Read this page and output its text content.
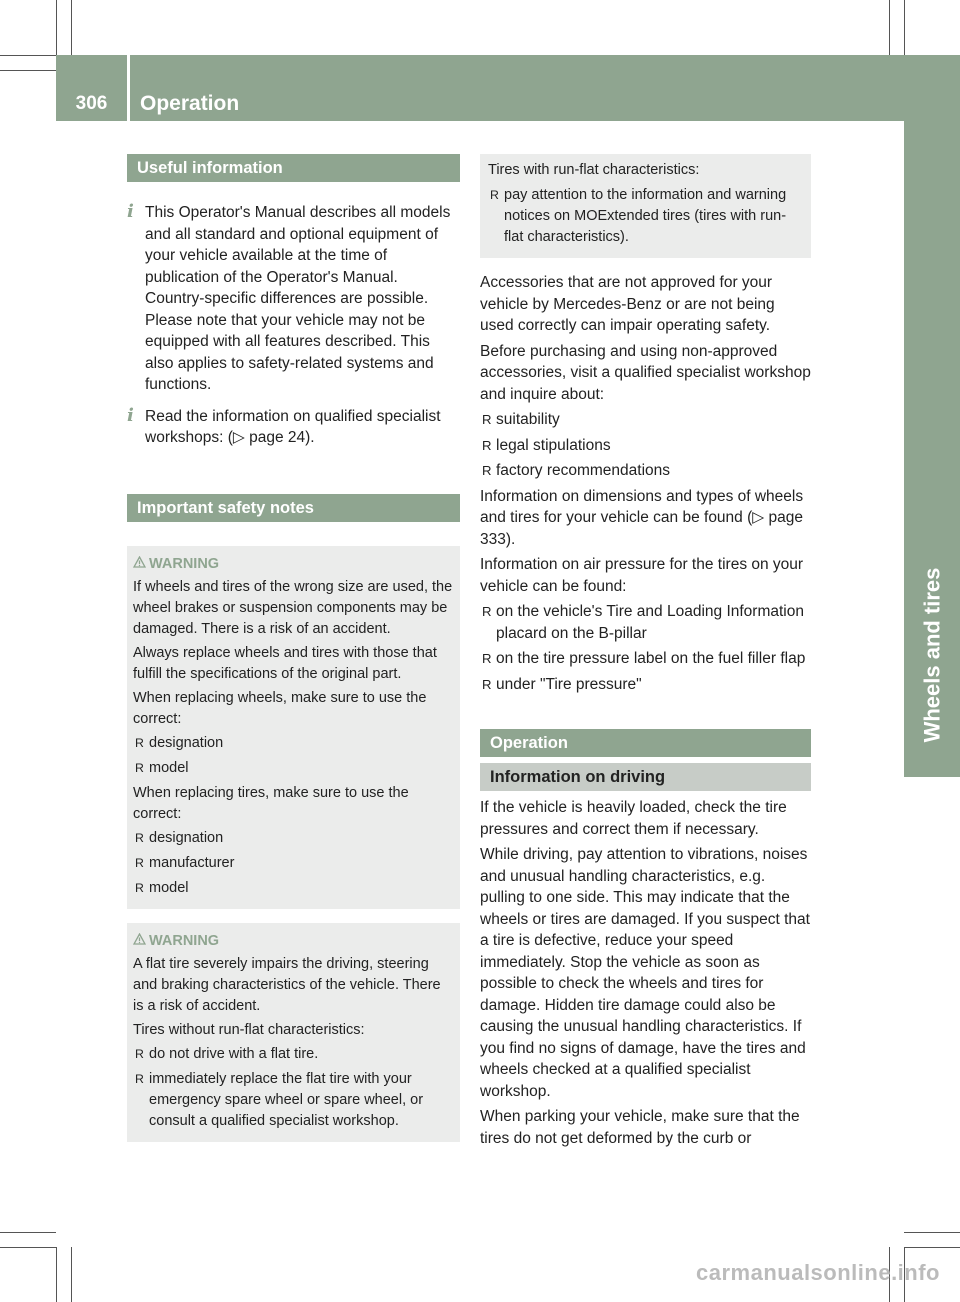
306	Operation
Wheels and tires
Useful information
i This Operator's Manual describes all models and all standard and optional equipment of your vehicle available at the time of publication of the Operator's Manual. Country-specific differences are possible. Please note that your vehicle may not be equipped with all features described. This also applies to safety-related systems and functions.
i Read the information on qualified specialist workshops: (▷ page 24).
Important safety notes
WARNING

If wheels and tires of the wrong size are used, the wheel brakes or suspension components may be damaged. There is a risk of an accident.

Always replace wheels and tires with those that fulfill the specifications of the original part.

When replacing wheels, make sure to use the correct:

R designation
R model

When replacing tires, make sure to use the correct:

R designation
R manufacturer
R model
WARNING

A flat tire severely impairs the driving, steering and braking characteristics of the vehicle. There is a risk of accident.

Tires without run-flat characteristics:

R do not drive with a flat tire.
R immediately replace the flat tire with your emergency spare wheel or spare wheel, or consult a qualified specialist workshop.

Tires with run-flat characteristics:

R pay attention to the information and warning notices on MOExtended tires (tires with run-flat characteristics).

Accessories that are not approved for your vehicle by Mercedes-Benz or are not being used correctly can impair operating safety.

Before purchasing and using non-approved accessories, visit a qualified specialist workshop and inquire about:

R suitability
R legal stipulations
R factory recommendations

Information on dimensions and types of wheels and tires for your vehicle can be found (▷ page 333).

Information on air pressure for the tires on your vehicle can be found:

R on the vehicle's Tire and Loading Information placard on the B-pillar
R on the tire pressure label on the fuel filler flap
R under "Tire pressure"
Operation
Information on driving

If the vehicle is heavily loaded, check the tire pressures and correct them if necessary.

While driving, pay attention to vibrations, noises and unusual handling characteristics, e.g. pulling to one side. This may indicate that the wheels or tires are damaged. If you suspect that a tire is defective, reduce your speed immediately. Stop the vehicle as soon as possible to check the wheels and tires for damage. Hidden tire damage could also be causing the unusual handling characteristics. If you find no signs of damage, have the tires and wheels checked at a qualified specialist workshop.

When parking your vehicle, make sure that the tires do not get deformed by the curb or

carmanualsonline.info
